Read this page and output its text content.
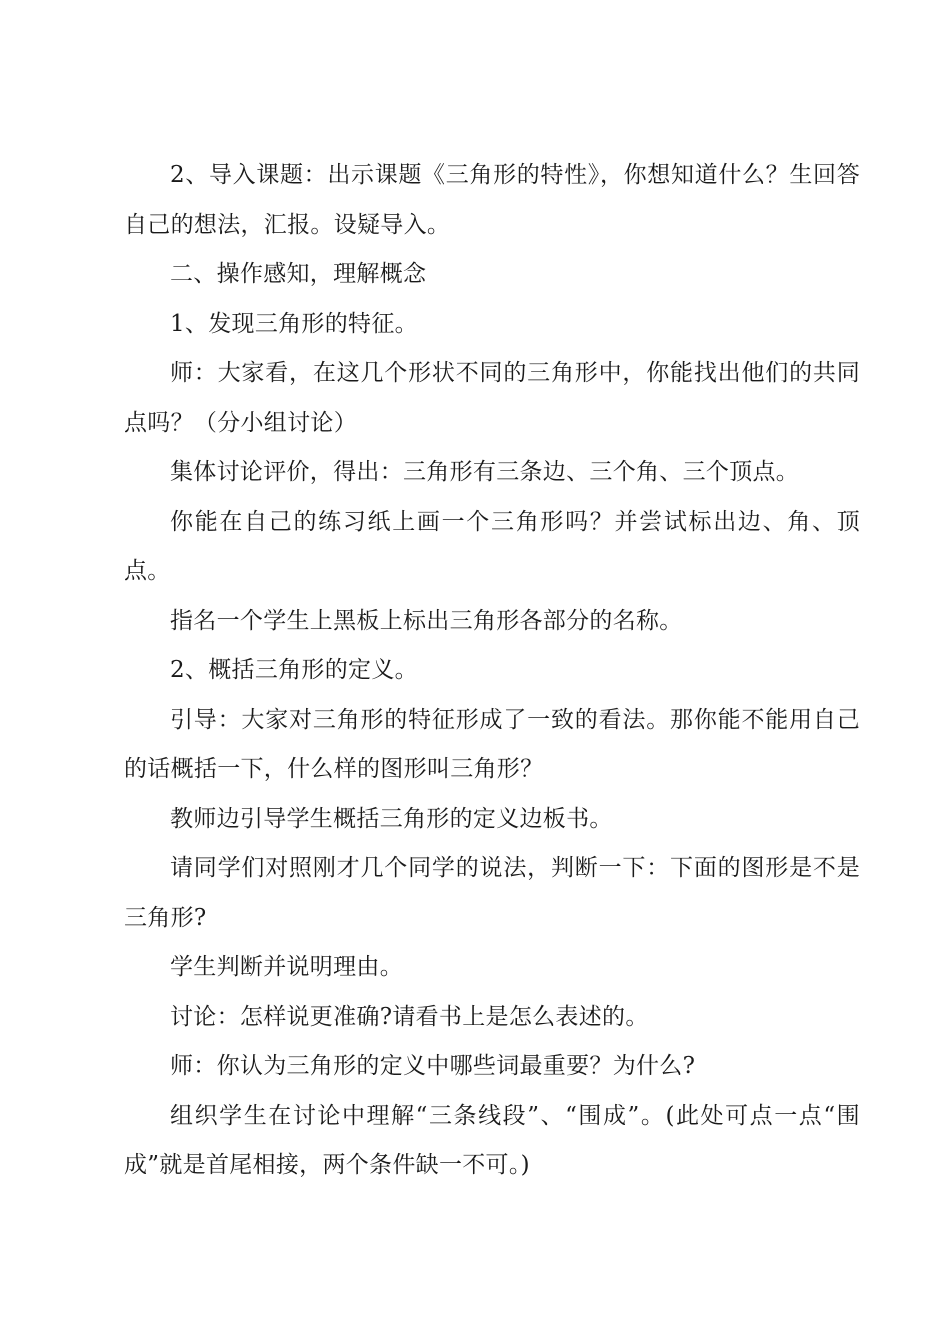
2、导入课题：出示课题《三角形的特性》，你想知道什么？生回答自己的想法，汇报。设疑导入。

二、操作感知，理解概念

1、发现三角形的特征。

师：大家看，在这几个形状不同的三角形中，你能找出他们的共同点吗？（分小组讨论）

集体讨论评价，得出：三角形有三条边、三个角、三个顶点。

你能在自己的练习纸上画一个三角形吗？并尝试标出边、角、顶点。

指名一个学生上黑板上标出三角形各部分的名称。

2、概括三角形的定义。

引导：大家对三角形的特征形成了一致的看法。那你能不能用自己的话概括一下，什么样的图形叫三角形？

教师边引导学生概括三角形的定义边板书。

请同学们对照刚才几个同学的说法，判断一下：下面的图形是不是三角形?

学生判断并说明理由。

讨论：怎样说更准确?请看书上是怎么表述的。

师：你认为三角形的定义中哪些词最重要？为什么?

组织学生在讨论中理解“三条线段”、“围成”。(此处可点一点“围成”就是首尾相接，两个条件缺一不可。)
